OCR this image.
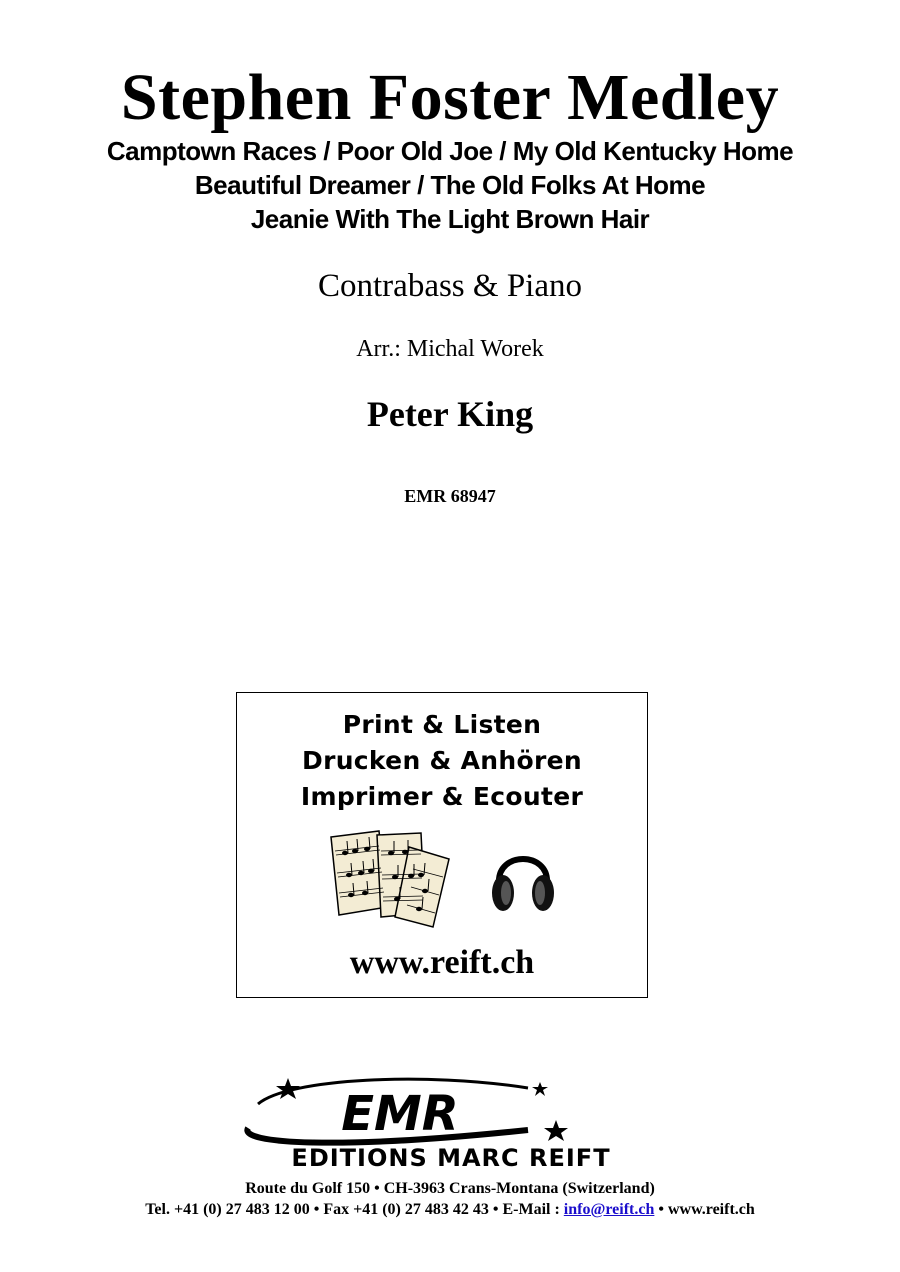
Stephen Foster Medley
Camptown Races / Poor Old Joe / My Old Kentucky Home
Beautiful Dreamer / The Old Folks At Home
Jeanie With The Light Brown Hair
Contrabass & Piano
Arr.: Michal Worek
Peter King
EMR 68947
Print & Listen
Drucken & Anhören
Imprimer & Ecouter
www.reift.ch
EMR
EDITIONS MARC REIFT
Route du Golf 150 • CH-3963 Crans-Montana (Switzerland)
Tel. +41 (0) 27 483 12 00 • Fax +41 (0) 27 483 42 43 • E-Mail : info@reift.ch • www.reift.ch
